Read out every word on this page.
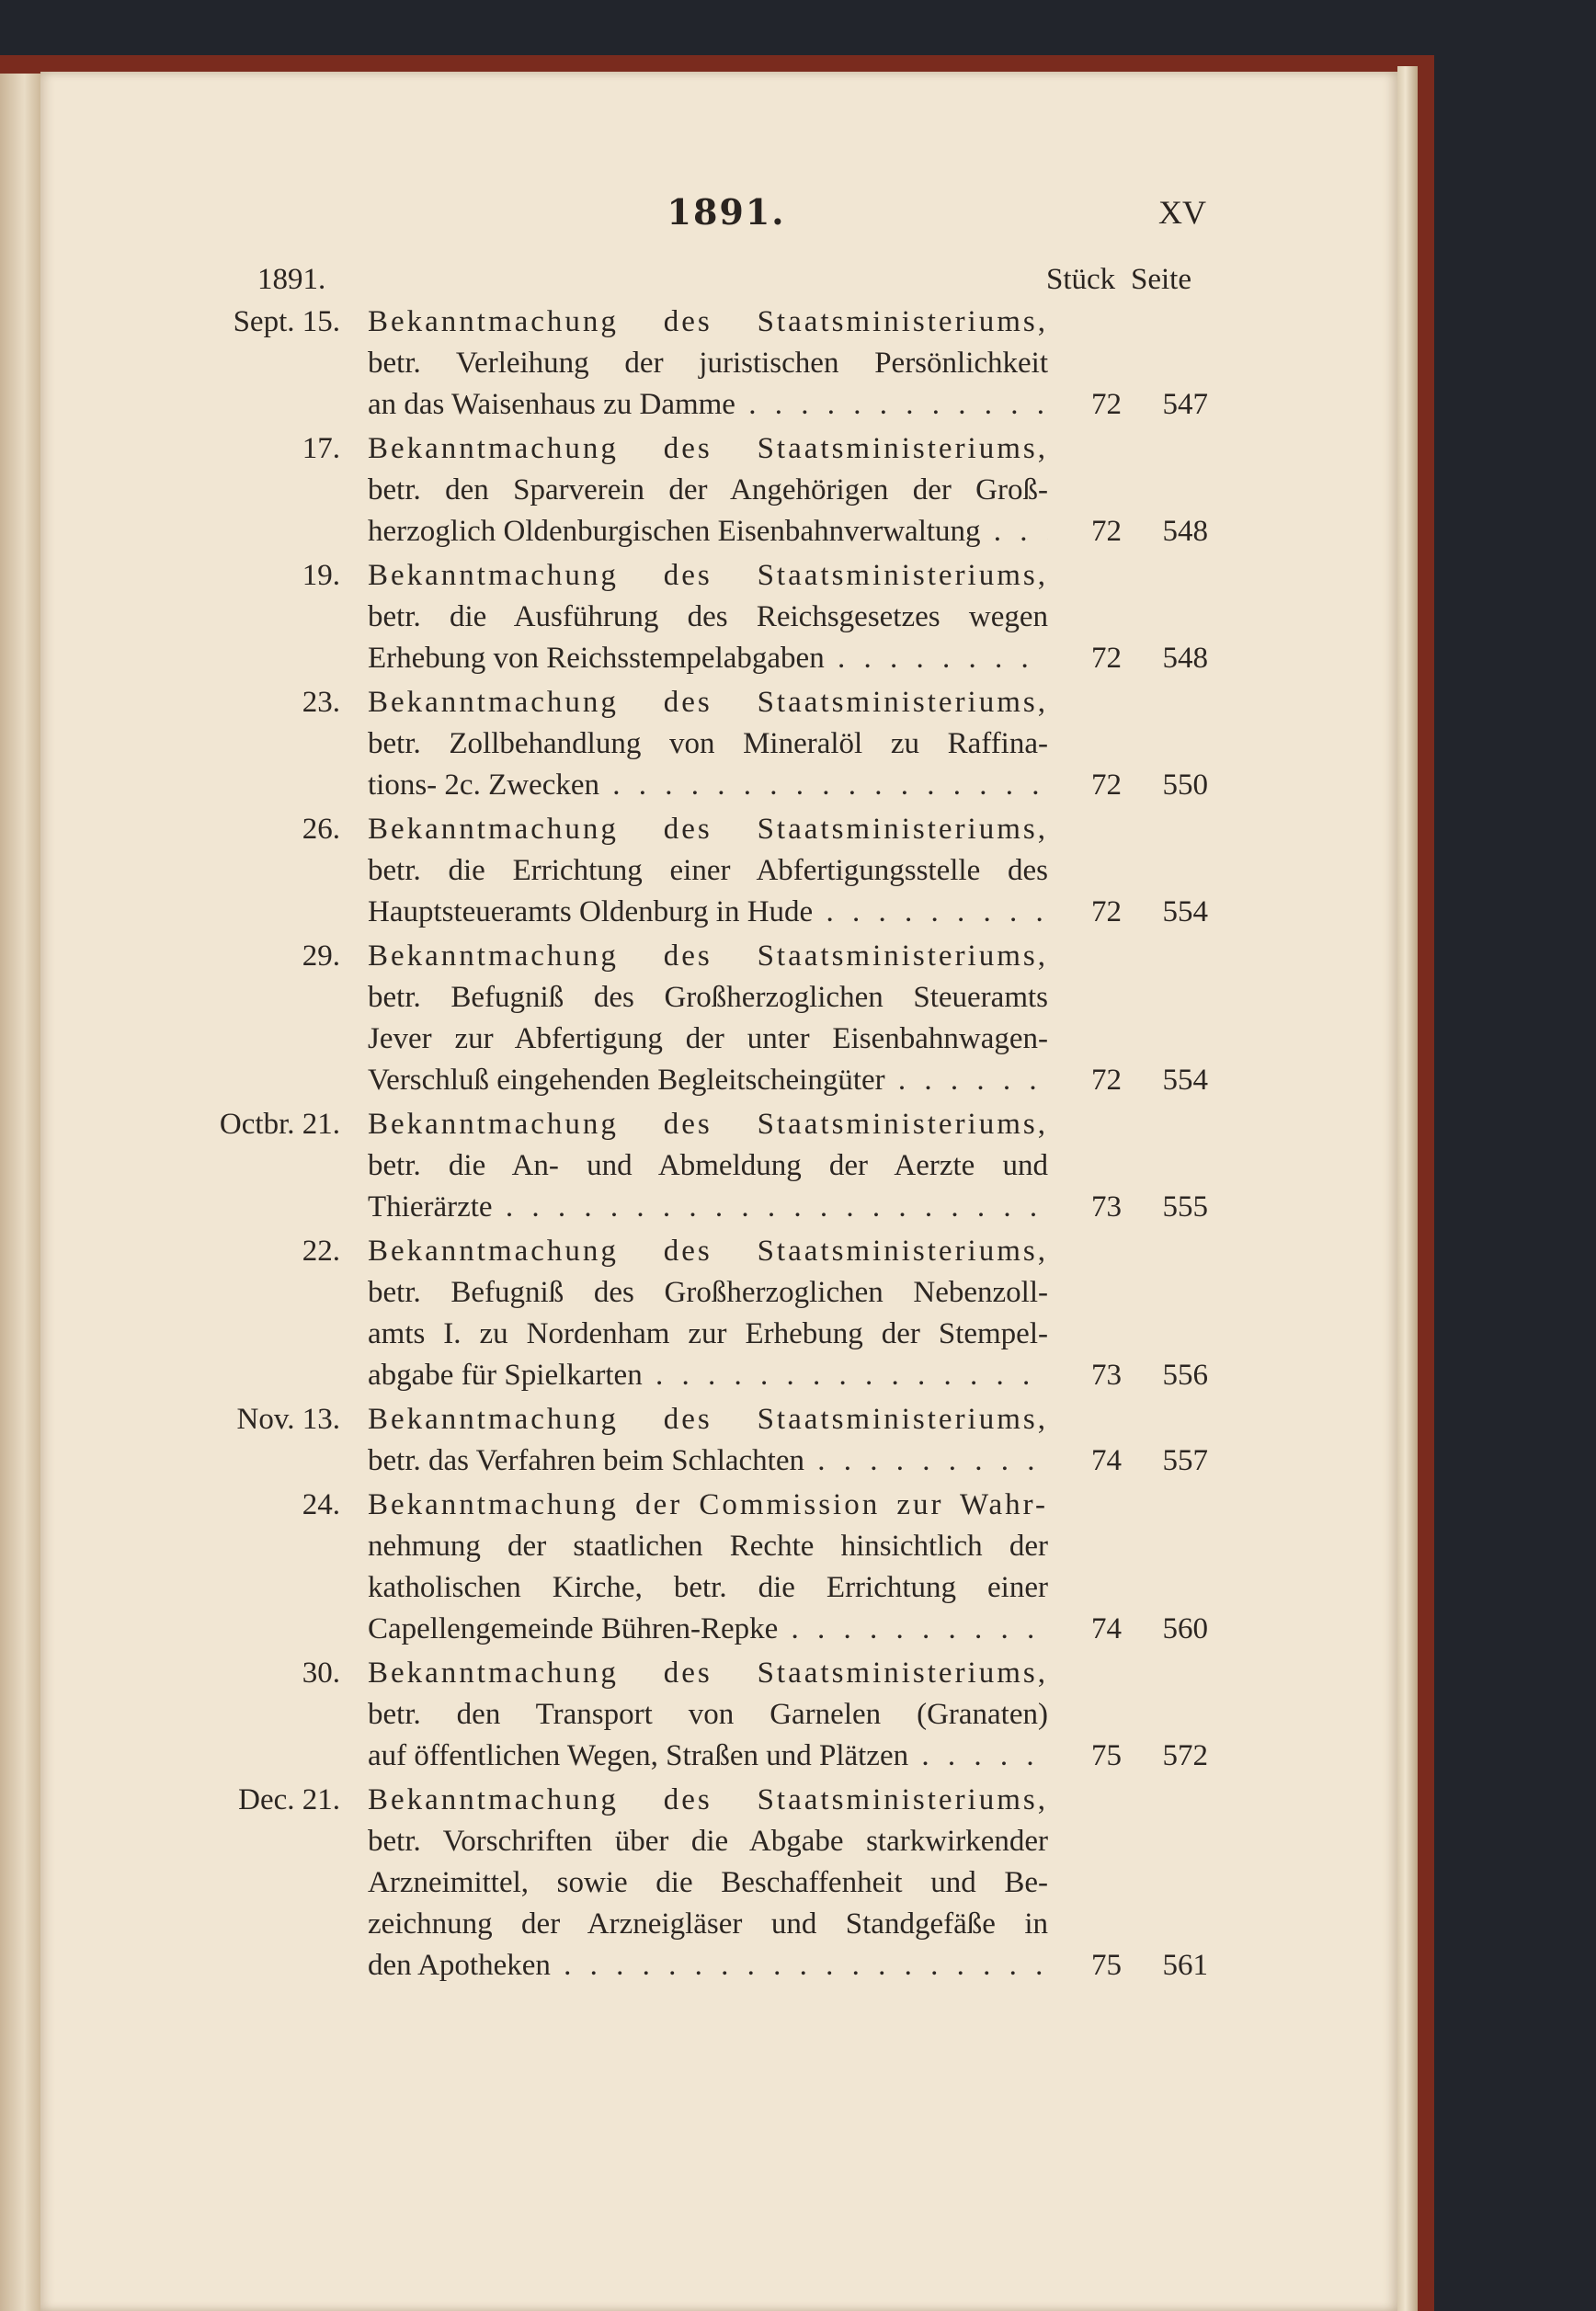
1891.	XV
1891.	Stück Seite
Sept. 15. Bekanntmachung des Staatsministeriums,
betr. Verleihung der juristischen Persönlichkeit
an das Waisenhaus zu Damme . . .	72	547
17. Bekanntmachung des Staatsministeriums,
betr. den Sparverein der Angehörigen der Groß-
herzoglich Oldenburgischen Eisenbahnverwaltung . . .	72	548
19. Bekanntmachung des Staatsministeriums,
betr. die Ausführung des Reichsgesetzes wegen
Erhebung von Reichsstempelabgaben . . .	72	548
23. Bekanntmachung des Staatsministeriums,
betr. Zollbehandlung von Mineralöl zu Raffina-
tions- 2c. Zwecken . . .	72	550
26. Bekanntmachung des Staatsministeriums,
betr. die Errichtung einer Abfertigungsstelle des
Hauptsteueramts Oldenburg in Hude . . .	72	554
29. Bekanntmachung des Staatsministeriums,
betr. Befugniß des Großherzoglichen Steueramts
Jever zur Abfertigung der unter Eisenbahnwagen-
Verschluß eingehenden Begleitscheingüter . . .	72	554
Octbr. 21. Bekanntmachung des Staatsministeriums,
betr. die An- und Abmeldung der Aerzte und
Thierärzte . . .	73	555
22. Bekanntmachung des Staatsministeriums,
betr. Befugniß des Großherzoglichen Nebenzoll-
amts I. zu Nordenham zur Erhebung der Stempel-
abgabe für Spielkarten . . .	73	556
Nov. 13. Bekanntmachung des Staatsministeriums,
betr. das Verfahren beim Schlachten . . .	74	557
24. Bekanntmachung der Commission zur Wahr-
nehmung der staatlichen Rechte hinsichtlich der
katholischen Kirche, betr. die Errichtung einer
Capellengemeinde Bühren-Repke . . .	74	560
30. Bekanntmachung des Staatsministeriums,
betr. den Transport von Garnelen (Granaten)
auf öffentlichen Wegen, Straßen und Plätzen . . .	75	572
Dec. 21. Bekanntmachung des Staatsministeriums,
betr. Vorschriften über die Abgabe starkwirkender
Arzneimittel, sowie die Beschaffenheit und Be-
zeichnung der Arzneigläser und Standgefäße in
den Apotheken . . .	75	561
